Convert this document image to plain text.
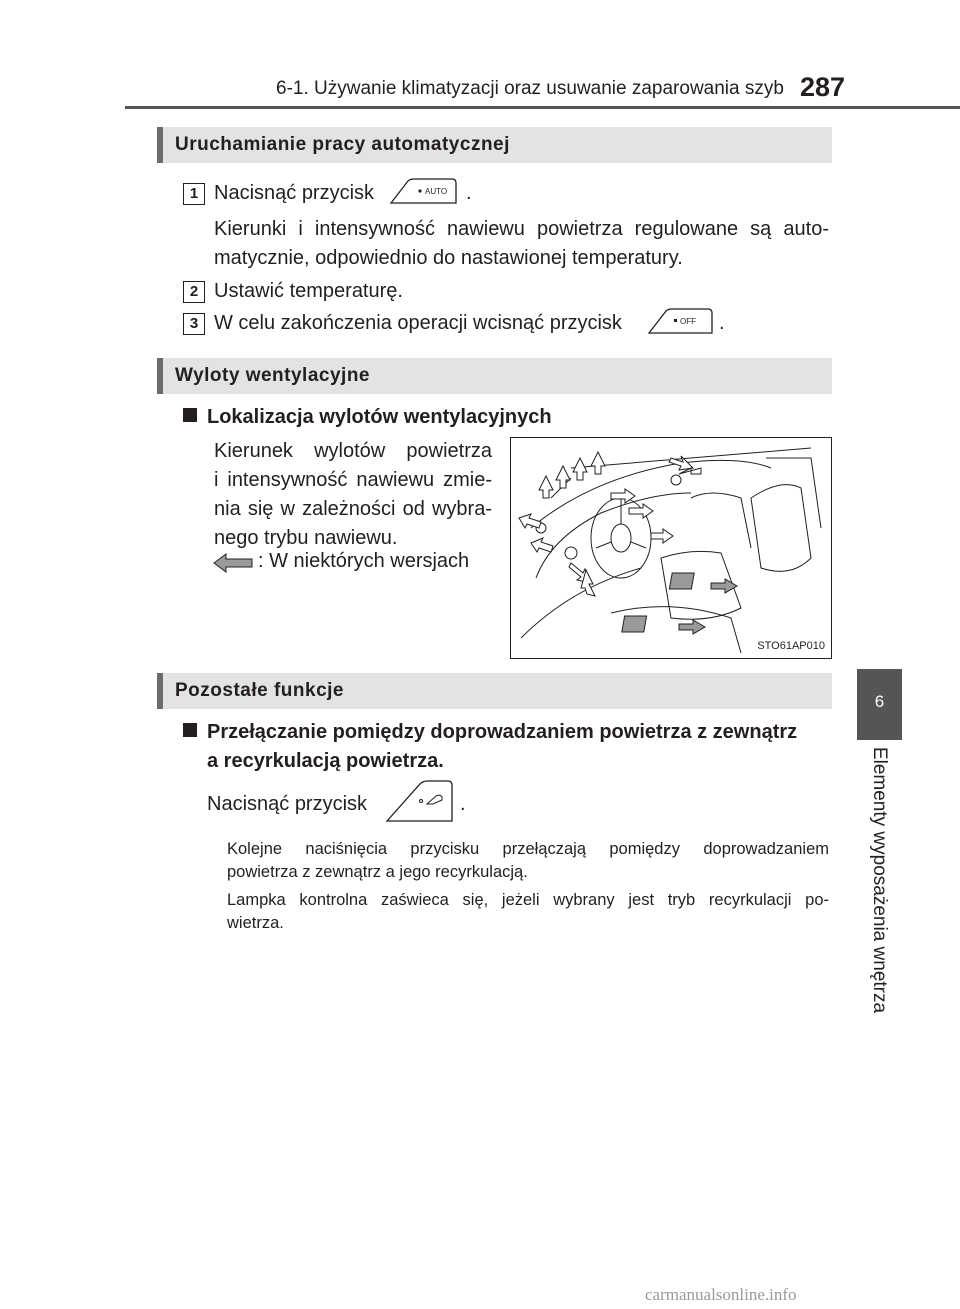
6-1. Używanie klimatyzacji oraz usuwanie zaparowania szyb 287
6
Elementy wyposażenia wnętrza
Uruchamianie pracy automatycznej
1 Nacisnąć przycisk	AUTO .
Kierunki i intensywność nawiewu powietrza regulowane są auto-
matycznie, odpowiednio do nastawionej temperatury.
2 Ustawić temperaturę.
3 W celu zakończenia operacji wcisnąć przycisk	OFF .
Wyloty wentylacyjne
Lokalizacja wylotów wentylacyjnych
Kierunek wylotów powietrza
i intensywność nawiewu zmie-
nia się w zależności od wybra-
nego trybu nawiewu.
: W niektórych wersjach
STO61AP010
Pozostałe funkcje
Przełączanie pomiędzy doprowadzaniem powietrza z zewnątrz
a recyrkulacją powietrza.
Nacisnąć przycisk	.
Kolejne naciśnięcia przycisku przełączają pomiędzy doprowadzaniem
powietrza z zewnątrz a jego recyrkulacją.
Lampka kontrolna zaświeca się, jeżeli wybrany jest tryb recyrkulacji po-
wietrza.
carmanualsonline.info
